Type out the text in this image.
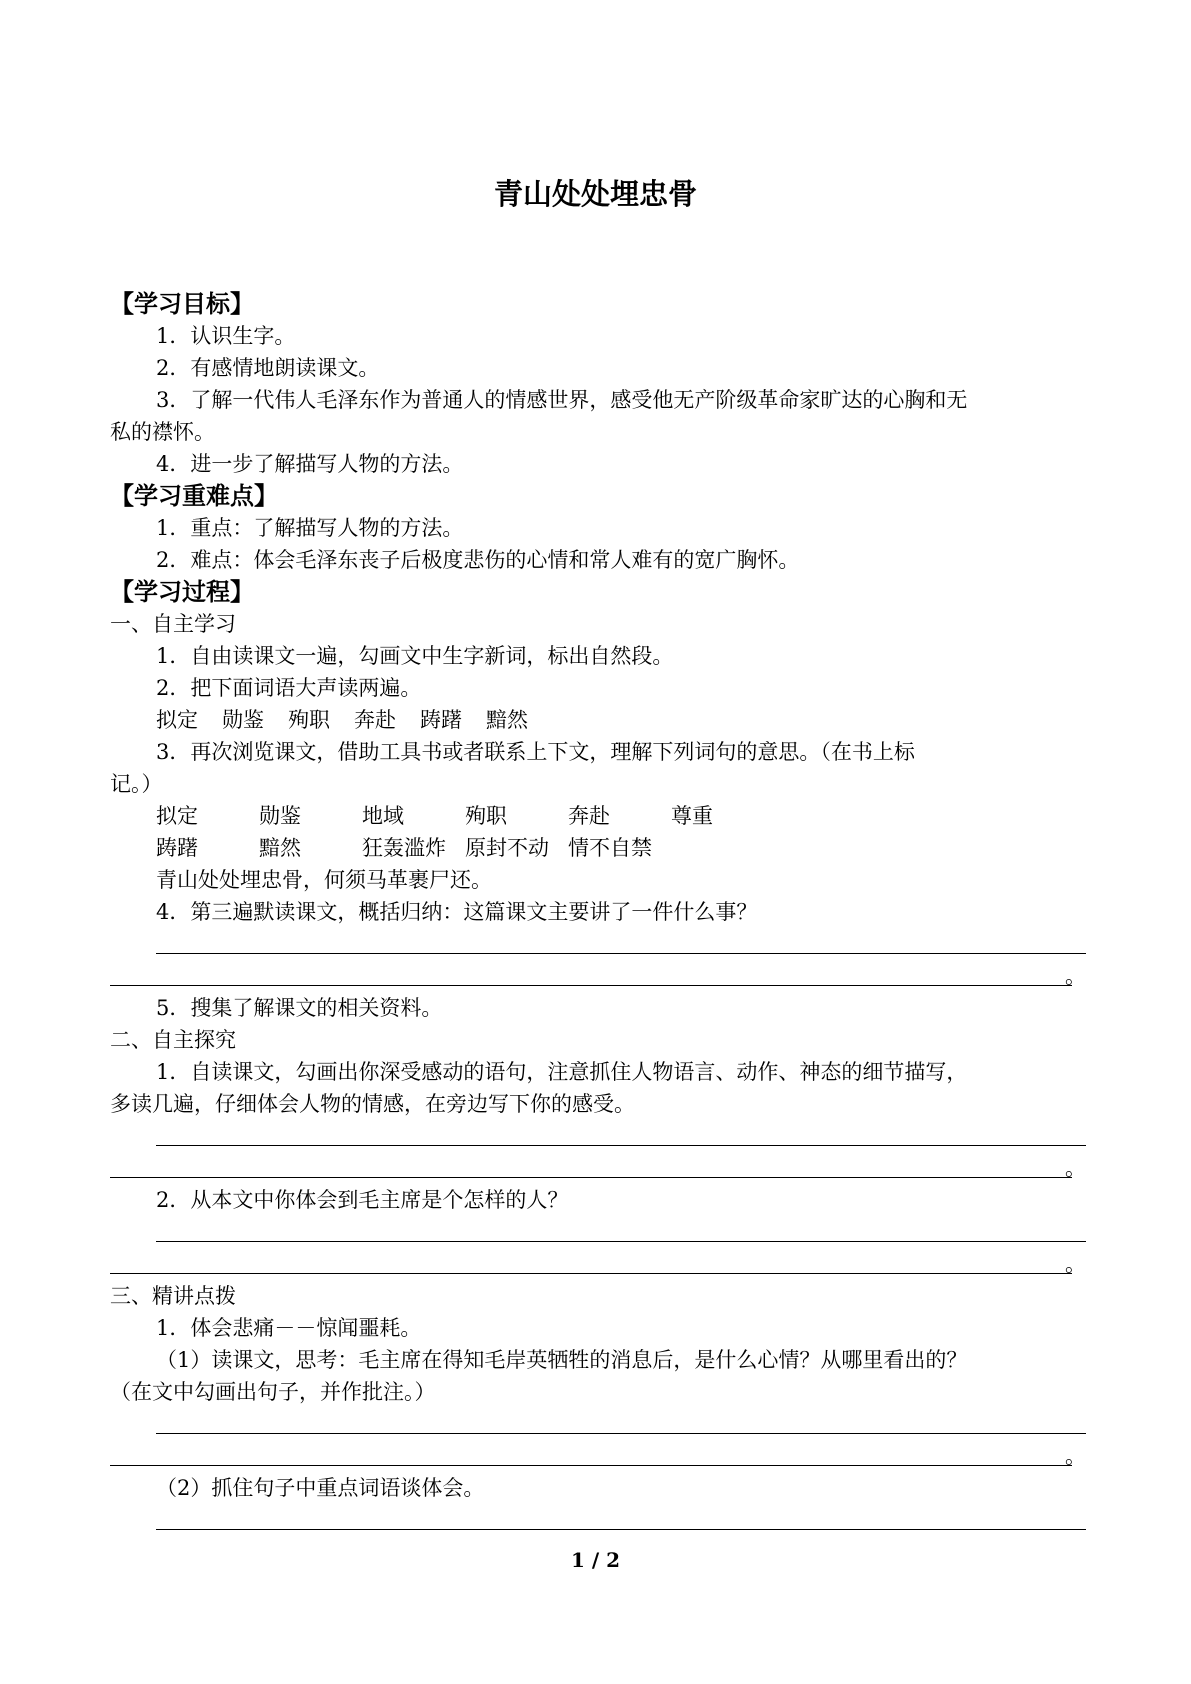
青山处处埋忠骨

【学习目标】

1．认识生字。

2．有感情地朗读课文。

3．了解一代伟人毛泽东作为普通人的情感世界，感受他无产阶级革命家旷达的心胸和无

私的襟怀。

4．进一步了解描写人物的方法。

【学习重难点】

1．重点：了解描写人物的方法。

2．难点：体会毛泽东丧子后极度悲伤的心情和常人难有的宽广胸怀。

【学习过程】

一、自主学习

1．自由读课文一遍，勾画文中生字新词，标出自然段。

2．把下面词语大声读两遍。

拟定 勋鉴 殉职 奔赴 踌躇 黯然

3．再次浏览课文，借助工具书或者联系上下文，理解下列词句的意思。（在书上标

记。）

拟定	勋鉴	地域	殉职	奔赴	尊重
踌躇	黯然	狂轰滥炸 原封不动 情不自禁

青山处处埋忠骨，何须马革裹尸还。

4．第三遍默读课文，概括归纳：这篇课文主要讲了一件什么事？

。

5．搜集了解课文的相关资料。

二、自主探究

1．自读课文，勾画出你深受感动的语句，注意抓住人物语言、动作、神态的细节描写，

多读几遍，仔细体会人物的情感，在旁边写下你的感受。

。

2．从本文中你体会到毛主席是个怎样的人？

。

三、精讲点拨

1．体会悲痛－－惊闻噩耗。

（1）读课文，思考：毛主席在得知毛岸英牺牲的消息后，是什么心情？从哪里看出的？

（在文中勾画出句子，并作批注。）

。

（2）抓住句子中重点词语谈体会。

1 / 2
